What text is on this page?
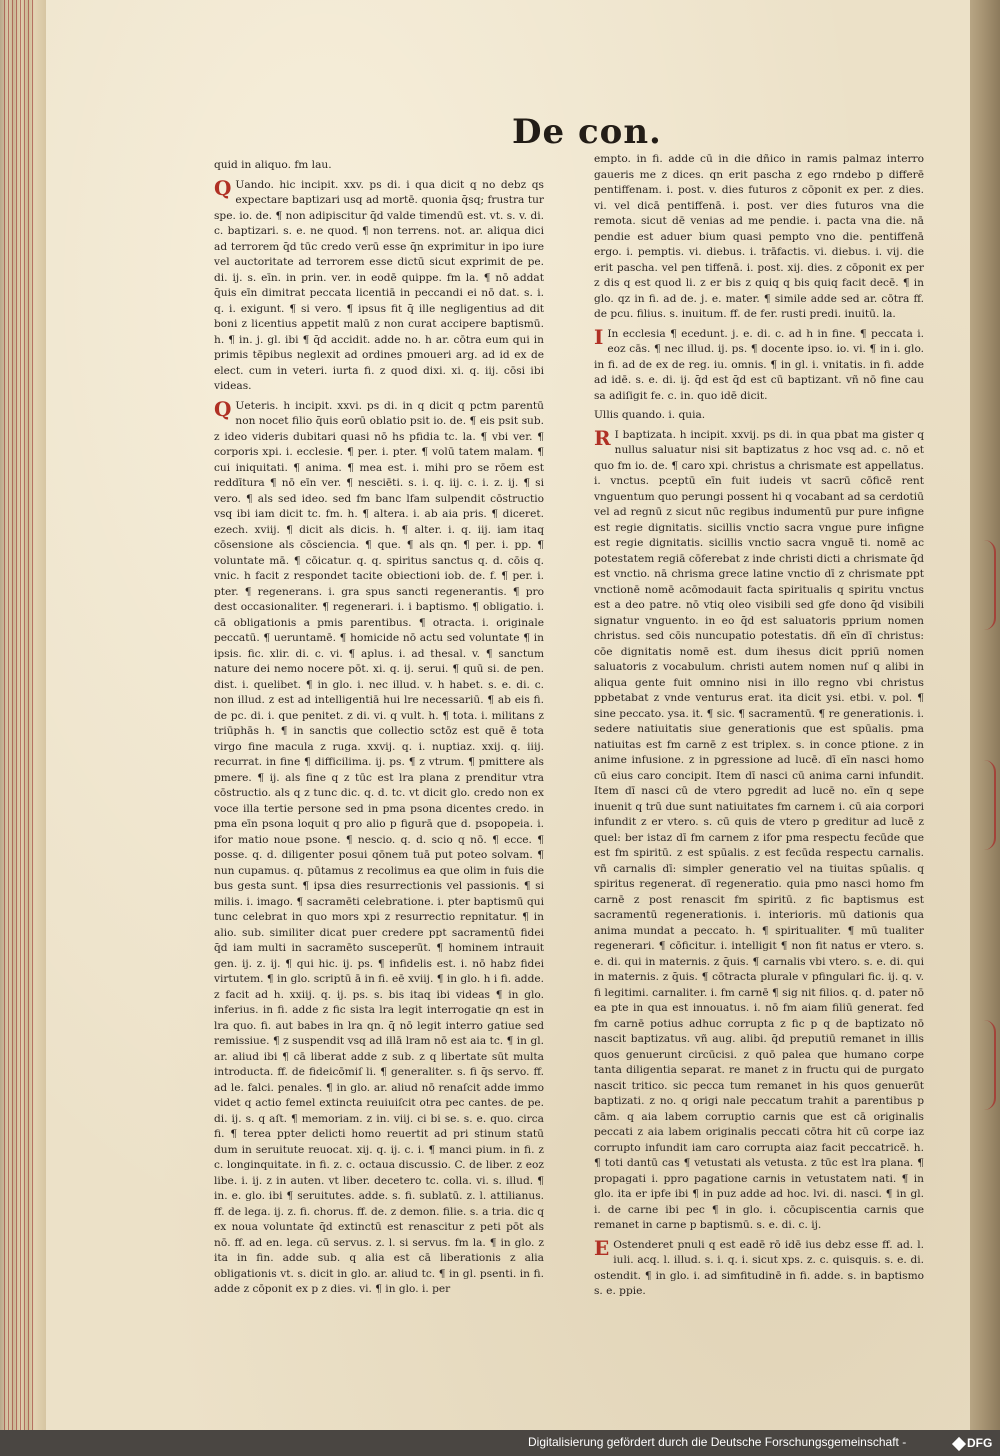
De con.

quid in aliquo. fm lau.

Q Uando. hic incipit. xxv. ps di. i qua dicit q no debz qs expectare baptizari usq ad mortē. quonia q̄sq; frustra tur spe. io. de. ¶ non adipiscitur q̄d valde timendū est. vt. s. v. di. c. baptizari. s. e. ne quod. ¶ non terrens. not. ar. aliqua dici ad terrorem q̄d tūc credo verū esse q̄n exprimitur in ipo iure vel auctoritate ad terrorem esse dictū sicut exprimit de pe. di. ij. s. eīn. in prin. ver. in eodē quippe. fm la. ¶ nō addat q̄uis eīn dimitrat peccata licentiā in peccandi ei nō dat. s. i. q. i. exigunt. ¶ si vero. ¶ ipsus fit q̄ ille negligentius ad dit boni z licentius appetit malū z non curat accipere baptismū. h. ¶ in. j. gl. ibi ¶ q̄d accidit. adde no. h ar. cōtra eum qui in primis tēpibus neglexit ad ordines pmoueri arg. ad id ex de elect. cum in veteri. iurta fi. z quod dixi. xi. q. iij. cōsi ibi videas.

Q Ueteris. h incipit. xxvi. ps di. in q dicit q pctm parentū non nocet filio q̄uis eorū oblatio psit io. de. ¶ eis psit sub. z ideo videris dubitari quasi nō hs pfidia tc. la. ¶ vbi ver. ¶ corporis xpi. i. ecclesie. ¶ per. i. pter. ¶ volū tatem malam. ¶ cui iniquitati. ¶ anima. ¶ mea est. i. mihi pro se rōem est reddītura ¶ nō eīn ver. ¶ nesciēti. s. i. q. iij. c. i. z. ij. ¶ si vero. ¶ als sed ideo. sed fm banc lfam sulpendit cōstructio vsq ibi iam dicit tc. fm. h. ¶ altera. i. ab aia pris. ¶ diceret. ezech. xviij. ¶ dicit als dicis. h. ¶ alter. i. q. iij. iam itaq cōsensione als cōsciencia. ¶ que. ¶ als qn. ¶ per. i. pp. ¶ voluntate mā. ¶ cōicatur. q. q. spiritus sanctus q. d. cōis q. vnic. h facit z respondet tacite obiectioni iob. de. f. ¶ per. i. pter. ¶ regenerans. i. gra spus sancti regenerantis. ¶ pro dest occasionaliter. ¶ regenerari. i. i baptismo. ¶ obligatio. i. cā obligationis a pmis parentibus. ¶ otracta. i. originale peccatū. ¶ ueruntamē. ¶ homicide nō actu sed voluntate ¶ in ipsis. fic. xlir. di. c. vi. ¶ aplus. i. ad thesal. v. ¶ sanctum nature dei nemo nocere pōt. xi. q. ij. serui. ¶ quū si. de pen. dist. i. quelibet. ¶ in glo. i. nec illud. v. h habet. s. e. di. c. non illud. z est ad intelligentiā hui lre necessariū. ¶ ab eis fi. de pc. di. i. que penitet. z di. vi. q vult. h. ¶ tota. i. militans z triūphās h. ¶ in sanctis que collectio sctōz est quē ē tota virgo fine macula z ruga. xxvij. q. i. nuptiaz. xxij. q. iiij. recurrat. in fine ¶ difficilima. ij. ps. ¶ z vtrum. ¶ pmittere als pmere. ¶ ij. als fine q z tūc est lra plana z prenditur vtra cōstructio. als q z tunc dic. q. d. tc. vt dicit glo. credo non ex voce illa tertie persone sed in pma psona dicentes credo. in pma eīn psona loquit q pro alio p figurā que d. psopopeia. i. ifor matio noue psone. ¶ nescio. q. d. scio q nō. ¶ ecce. ¶ posse. q. d. diligenter posui qōnem tuā put poteo solvam. ¶ nun cupamus. q. pūtamus z recolimus ea que olim in fuis die bus gesta sunt. ¶ ipsa dies resurrectionis vel passionis. ¶ si milis. i. imago. ¶ sacramēti celebratione. i. pter baptismū qui tunc celebrat in quo mors xpi z resurrectio repnitatur. ¶ in alio. sub. similiter dicat puer credere ppt sacramentū fidei q̄d iam multi in sacramēto susceperūt. ¶ hominem intrauit gen. ij. z. ij. ¶ qui hic. ij. ps. ¶ infidelis est. i. nō habz fidei virtutem. ¶ in glo. scriptū ā in fi. eē xviij. ¶ in glo. h i fi. adde. z facit ad h. xxiij. q. ij. ps. s. bis itaq ibi videas ¶ in glo. inferius. in fi. adde z fic sista lra legit interrogatie qn est in lra quo. fi. aut babes in lra qn. q̄ nō legit interro gatiue sed remissiue. ¶ z suspendit vsq ad illā lram nō est aia tc. ¶ in gl. ar. aliud ibi ¶ cā liberat adde z sub. z q libertate sūt multa introducta. ff. de fideicōmiſ li. ¶ generaliter. s. fi q̄s servo. ff. ad le. falci. penales. ¶ in glo. ar. aliud nō renaſcit adde immo videt q actio femel extincta reuiuiſcit otra pec cantes. de pe. di. ij. s. q aſt. ¶ memoriam. z in. viij. ci bi se. s. e. quo. circa fi. ¶ terea ppter delicti homo reuertit ad pri stinum statū dum in seruitute reuocat. xij. q. ij. c. i. ¶ manci pium. in fi. z c. longinquitate. in fi. z. c. octaua discussio. C. de liber. z eoz libe. i. ij. z in auten. vt liber. decetero tc. colla. vi. s. illud. ¶ in. e. glo. ibi ¶ seruitutes. adde. s. fi. sublatū. z. l. attilianus. ff. de lega. ij. z. fi. chorus. ff. de. z demon. filie. s. a tria. dic q ex noua voluntate q̄d extinctū est renascitur z peti pōt als nō. ff. ad en. lega. cū servus. z. l. si servus. fm la. ¶ in glo. z ita in fin. adde sub. q alia est cā liberationis z alia obligationis vt. s. dicit in glo. ar. aliud tc. ¶ in gl. psenti. in fi. adde z cōponit ex p z dies. vi. ¶ in glo. i. per

empto. in fi. adde cū in die dñico in ramis palmaz interro gaueris me z dices. qn erit pascha z ego rndebo p differē pentiffenam. i. post. v. dies futuros z cōponit ex per. z dies. vi. vel dicā pentiffenā. i. post. ver dies futuros vna die remota. sicut dē venias ad me pendie. i. pacta vna die. nā pendie est aduer bium quasi pempto vno die. pentiffenā ergo. i. pemptis. vi. diebus. i. trāfactis. vi. diebus. i. vij. die erit pascha. vel pen tiffenā. i. post. xij. dies. z cōponit ex per z dis q est quod li. z er bis z quiq q bis quiq facit decē. ¶ in glo. qz in fi. ad de. j. e. mater. ¶ simile adde sed ar. cōtra ff. de pcu. filius. s. inuitum. ff. de fer. rusti predi. inuitū. la.

I In ecclesia ¶ ecedunt. j. e. di. c. ad h in fine. ¶ peccata i. eoz cās. ¶ nec illud. ij. ps. ¶ docente ipso. io. vi. ¶ in i. glo. in fi. ad de ex de reg. iu. omnis. ¶ in gl. i. vnitatis. in fi. adde ad idē. s. e. di. ij. q̄d est q̄d est cū baptizant. vñ nō fine cau sa adiſigit fe. c. in. quo idē dicit.

Ullis quando. i. quia.

R I baptizata. h incipit. xxvij. ps di. in qua pbat ma gister q nullus saluatur nisi sit baptizatus z hoc vsq ad. c. nō et quo fm io. de. ¶ caro xpi. christus a chrismate est appellatus. i. vnctus. pceptū eīn fuit iudeis vt sacrū cōficē rent vnguentum quo perungi possent hi q vocabant ad sa cerdotiū vel ad regnū z sicut nūc regibus indumentū pur pure infigne est regie dignitatis. sicillis vnctio sacra vngue pure infigne est regie dignitatis. sicillis vnctio sacra vnguē ti. nomē ac potestatem regiā cōferebat z inde christi dicti a chrismate q̄d est vnctio. nā chrisma grece latine vnctio dī z chrismate ppt vnctionē nomē acōmodauit facta spiritualis q spiritu vnctus est a deo patre. nō vtiq oleo visibili sed gfe dono q̄d visibili signatur vnguento. in eo q̄d est saluatoris pprium nomen christus. sed cōis nuncupatio potestatis. dñ eīn dī christus: cōe dignitatis nomē est. dum ihesus dicit ppriū nomen saluatoris z vocabulum. christi autem nomen nuſ q alibi in aliqua gente fuit omnino nisi in illo regno vbi christus ppbetabat z vnde venturus erat. ita dicit ysi. etbi. v. pol. ¶ sine peccato. ysa. it. ¶ sic. ¶ sacramentū. ¶ re generationis. i. sedere natiuitatis siue generationis que est spūalis. pma natiuitas est fm carnē z est triplex. s. in conce ptione. z in anime infusione. z in pgressione ad lucē. dī eīn nasci homo cū eius caro concipit. Item dī nasci cū anima carni infundit. Item dī nasci cū de vtero pgredit ad lucē no. eīn q sepe inuenit q trū due sunt natiuitates fm carnem i. cū aia corpori infundit z er vtero. s. cū quis de vtero p greditur ad lucē z quel: ber istaz dī fm carnem z ifor pma respectu fecūde que est fm spiritū. z est spūalis. z est fecūda respectu carnalis. vñ carnalis dī: simpler generatio vel na tiuitas spūalis. q spiritus regenerat. dī regeneratio. quia pmo nasci homo fm carnē z post renascit fm spiritū. z fic baptismus est sacramentū regenerationis. i. interioris. mū dationis qua anima mundat a peccato. h. ¶ spiritualiter. ¶ mū tualiter regenerari. ¶ cōficitur. i. intelligit ¶ non fit natus er vtero. s. e. di. qui in maternis. z q̄uis. ¶ carnalis vbi vtero. s. e. di. qui in maternis. z q̄uis. ¶ cōtracta plurale v pfingulari fic. ij. q. v. fi legitimi. carnaliter. i. fm carnē ¶ sig nit filios. q. d. pater nō ea pte in qua est innouatus. i. nō fm aiam filiū generat. fed fm carnē potius adhuc corrupta z fic p q de baptizato nō nascit baptizatus. vñ aug. alibi. q̄d preputiū remanet in illis quos genuerunt circūcisi. z quō palea que humano corpe tanta diligentia separat. re manet z in fructu qui de purgato nascit tritico. sic pecca tum remanet in his quos genuerūt baptizati. z no. q origi nale peccatum trahit a parentibus p cām. q aia labem corruptio carnis que est cā originalis peccati z aia labem originalis peccati cōtra hit cū corpe iaz corrupto infundit iam caro corrupta aiaz facit peccatricē. h. ¶ toti dantū cas ¶ vetustati als vetusta. z tūc est lra plana. ¶ propagati i. ppro pagatione carnis in vetustatem nati. ¶ in glo. ita er ipfe ibi ¶ in puz adde ad hoc. lvi. di. nasci. ¶ in gl. i. de carne ibi pec ¶ in glo. i. cōcupiscentia carnis que remanet in carne p baptismū. s. e. di. c. ij.

E Ostenderet pnuli q est eadē rō idē ius debz esse ff. ad. l. iuli. acq. l. illud. s. i. q. i. sicut xps. z. c. quisquis. s. e. di. ostendit. ¶ in glo. i. ad simfitudinē in fi. adde. s. in baptismo s. e. ppie.

Digitalisierung gefördert durch die Deutsche Forschungsgemeinschaft -	DFG
